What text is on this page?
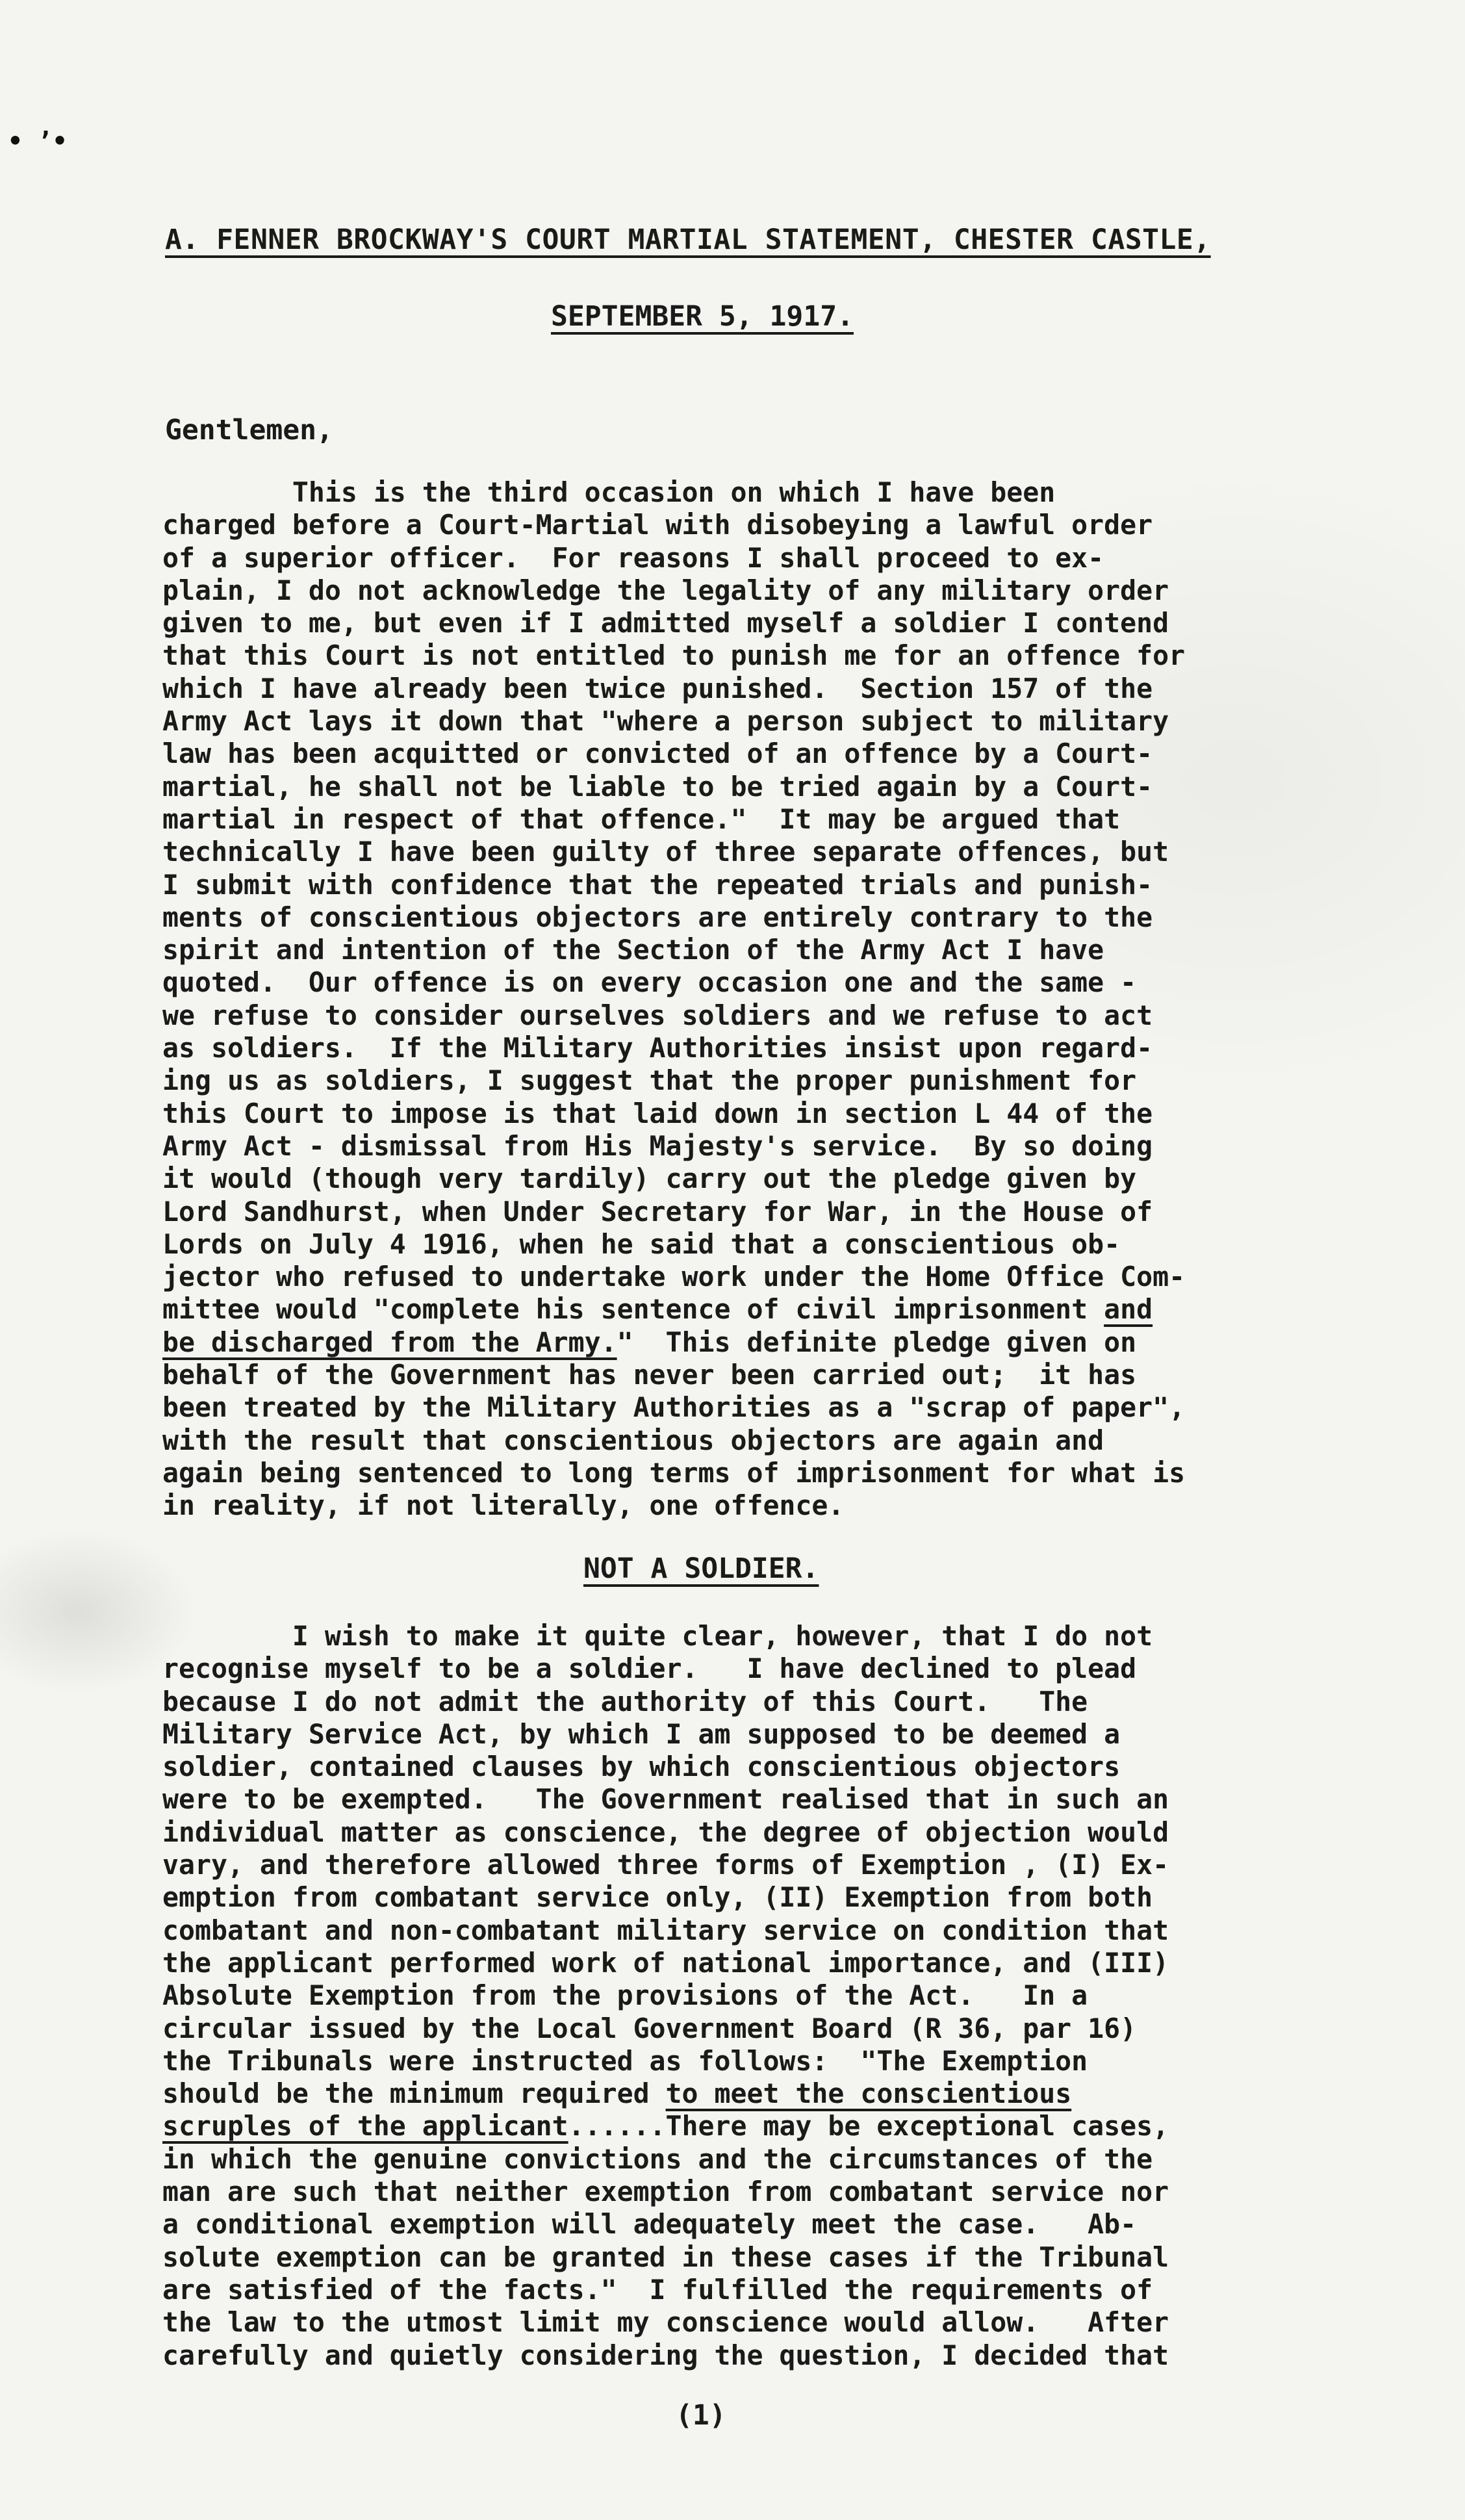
• ’•
A. FENNER BROCKWAY'S COURT MARTIAL STATEMENT, CHESTER CASTLE,
SEPTEMBER 5, 1917.
Gentlemen,
This is the third occasion on which I have been
charged before a Court-Martial with disobeying a lawful order
of a superior officer.  For reasons I shall proceed to ex-
plain, I do not acknowledge the legality of any military order
given to me, but even if I admitted myself a soldier I contend
that this Court is not entitled to punish me for an offence for
which I have already been twice punished.  Section 157 of the
Army Act lays it down that "where a person subject to military
law has been acquitted or convicted of an offence by a Court-
martial, he shall not be liable to be tried again by a Court-
martial in respect of that offence."  It may be argued that
technically I have been guilty of three separate offences, but
I submit with confidence that the repeated trials and punish-
ments of conscientious objectors are entirely contrary to the
spirit and intention of the Section of the Army Act I have
quoted.  Our offence is on every occasion one and the same -
we refuse to consider ourselves soldiers and we refuse to act
as soldiers.  If the Military Authorities insist upon regard-
ing us as soldiers, I suggest that the proper punishment for
this Court to impose is that laid down in section L 44 of the
Army Act - dismissal from His Majesty's service.  By so doing
it would (though very tardily) carry out the pledge given by
Lord Sandhurst, when Under Secretary for War, in the House of
Lords on July 4 1916, when he said that a conscientious ob-
jector who refused to undertake work under the Home Office Com-
mittee would "complete his sentence of civil imprisonment and
be discharged from the Army."  This definite pledge given on
behalf of the Government has never been carried out;  it has
been treated by the Military Authorities as a "scrap of paper",
with the result that conscientious objectors are again and
again being sentenced to long terms of imprisonment for what is
in reality, if not literally, one offence.
NOT A SOLDIER.
I wish to make it quite clear, however, that I do not
recognise myself to be a soldier.   I have declined to plead
because I do not admit the authority of this Court.   The
Military Service Act, by which I am supposed to be deemed a
soldier, contained clauses by which conscientious objectors
were to be exempted.   The Government realised that in such an
individual matter as conscience, the degree of objection would
vary, and therefore allowed three forms of Exemption , (I) Ex-
emption from combatant service only, (II) Exemption from both
combatant and non-combatant military service on condition that
the applicant performed work of national importance, and (III)
Absolute Exemption from the provisions of the Act.   In a
circular issued by the Local Government Board (R 36, par 16)
the Tribunals were instructed as follows:  "The Exemption
should be the minimum required to meet the conscientious
scruples of the applicant......There may be exceptional cases,
in which the genuine convictions and the circumstances of the
man are such that neither exemption from combatant service nor
a conditional exemption will adequately meet the case.   Ab-
solute exemption can be granted in these cases if the Tribunal
are satisfied of the facts."  I fulfilled the requirements of
the law to the utmost limit my conscience would allow.   After
carefully and quietly considering the question, I decided that
(1)
